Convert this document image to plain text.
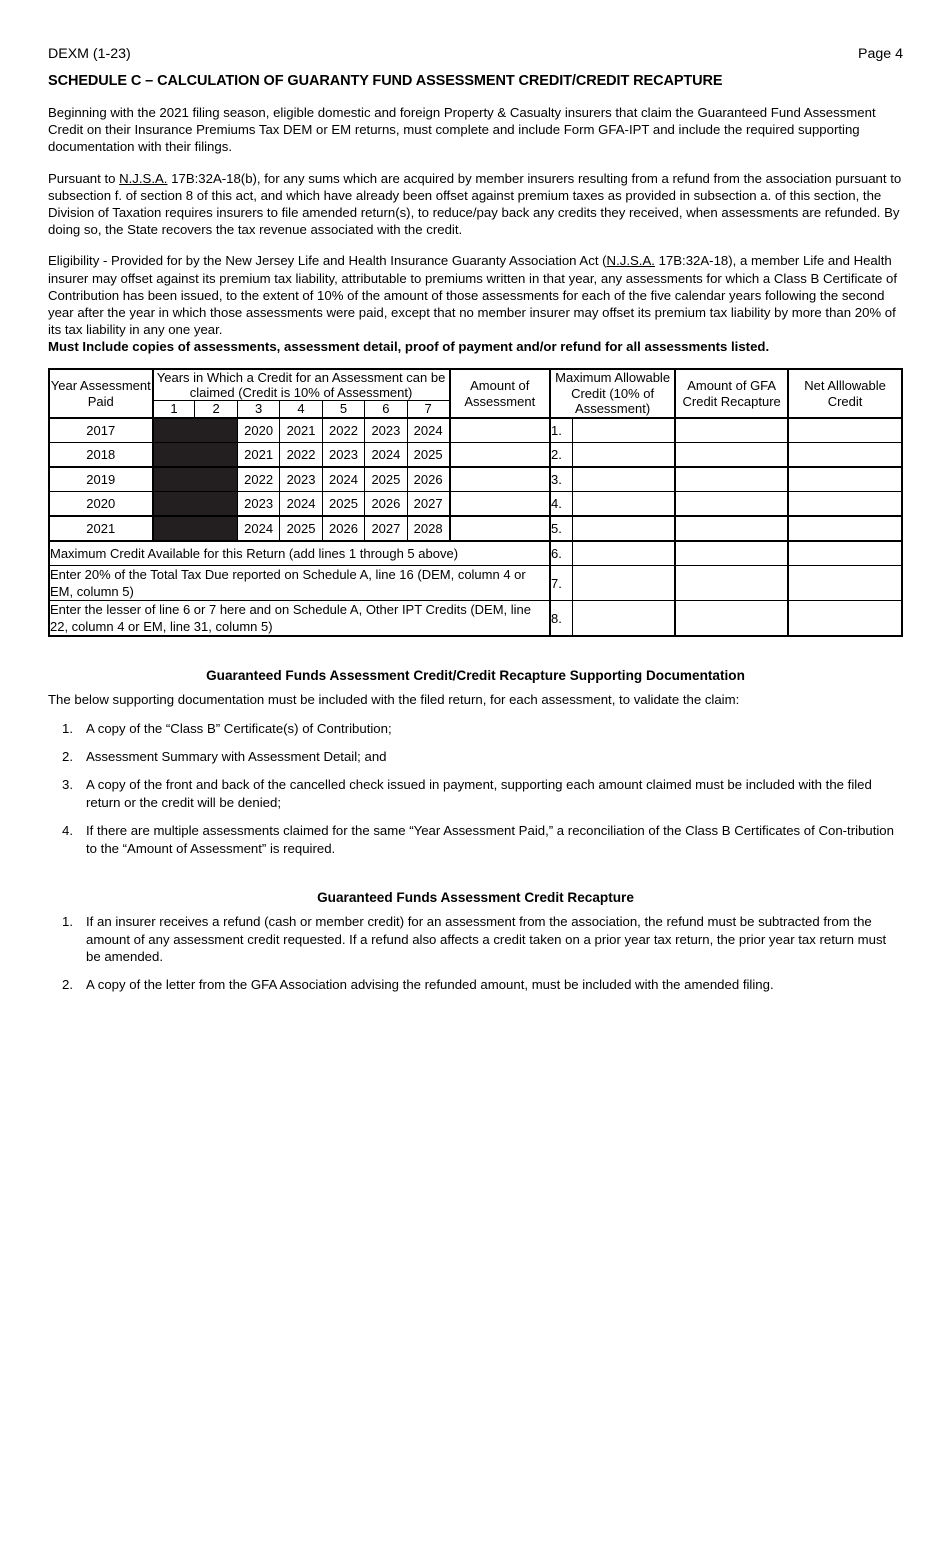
DEXM (1-23)	Page 4
SCHEDULE C – CALCULATION OF GUARANTY FUND ASSESSMENT CREDIT/CREDIT RECAPTURE

Beginning with the 2021 filing season, eligible domestic and foreign Property & Casualty insurers that claim the Guaranteed Fund Assessment Credit on their Insurance Premiums Tax DEM or EM returns, must complete and include Form GFA-IPT and include the required supporting documentation with their filings.

Pursuant to N.J.S.A. 17B:32A-18(b), for any sums which are acquired by member insurers resulting from a refund from the association pursuant to subsection f. of section 8 of this act, and which have already been offset against premium taxes as provided in subsection a. of this section, the Division of Taxation requires insurers to file amended return(s), to reduce/pay back any credits they received, when assessments are refunded. By doing so, the State recovers the tax revenue associated with the credit.

Eligibility - Provided for by the New Jersey Life and Health Insurance Guaranty Association Act (N.J.S.A. 17B:32A-18), a member Life and Health insurer may offset against its premium tax liability, attributable to premiums written in that year, any assessments for which a Class B Certificate of Contribution has been issued, to the extent of 10% of the amount of those assessments for each of the five calendar years following the second year after the year in which those assessments were paid, except that no member insurer may offset its premium tax liability by more than 20% of its tax liability in any one year.

Must Include copies of assessments, assessment detail, proof of payment and/or refund for all assessments listed.
Year Assessment Paid	Years in Which a Credit for an Assessment can be claimed (Credit is 10% of Assessment)							Amount of Assessment	Maximum Allowable Credit (10% of Assessment)		Amount of GFA Credit Recapture	Net Alllowable Credit
	1	2	3	4	5	6	7					
2017			2020	2021	2022	2023	2024		1.			
2018			2021	2022	2023	2024	2025		2.			
2019			2022	2023	2024	2025	2026		3.			
2020			2023	2024	2025	2026	2027		4.			
2021			2024	2025	2026	2027	2028		5.			
Maximum Credit Available for this Return (add lines 1 through 5 above)									6.			
Enter 20% of the Total Tax Due reported on Schedule A, line 16 (DEM, column 4 or EM, column 5)									7.			
Enter the lesser of line 6 or 7 here and on Schedule A, Other IPT Credits (DEM, line 22, column 4 or EM, line 31, column 5)									8.			
Guaranteed Funds Assessment Credit/Credit Recapture Supporting Documentation
The below supporting documentation must be included with the filed return, for each assessment, to validate the claim:
1. A copy of the “Class B” Certificate(s) of Contribution;
2. Assessment Summary with Assessment Detail; and
3. A copy of the front and back of the cancelled check issued in payment, supporting each amount claimed must be included with the filed return or the credit will be denied;
4. If there are multiple assessments claimed for the same “Year Assessment Paid,” a reconciliation of the Class B Certificates of Con-tribution to the “Amount of Assessment” is required.
Guaranteed Funds Assessment Credit Recapture
1. If an insurer receives a refund (cash or member credit) for an assessment from the association, the refund must be subtracted from the amount of any assessment credit requested. If a refund also affects a credit taken on a prior year tax return, the prior year tax return must be amended.
2. A copy of the letter from the GFA Association advising the refunded amount, must be included with the amended filing.
